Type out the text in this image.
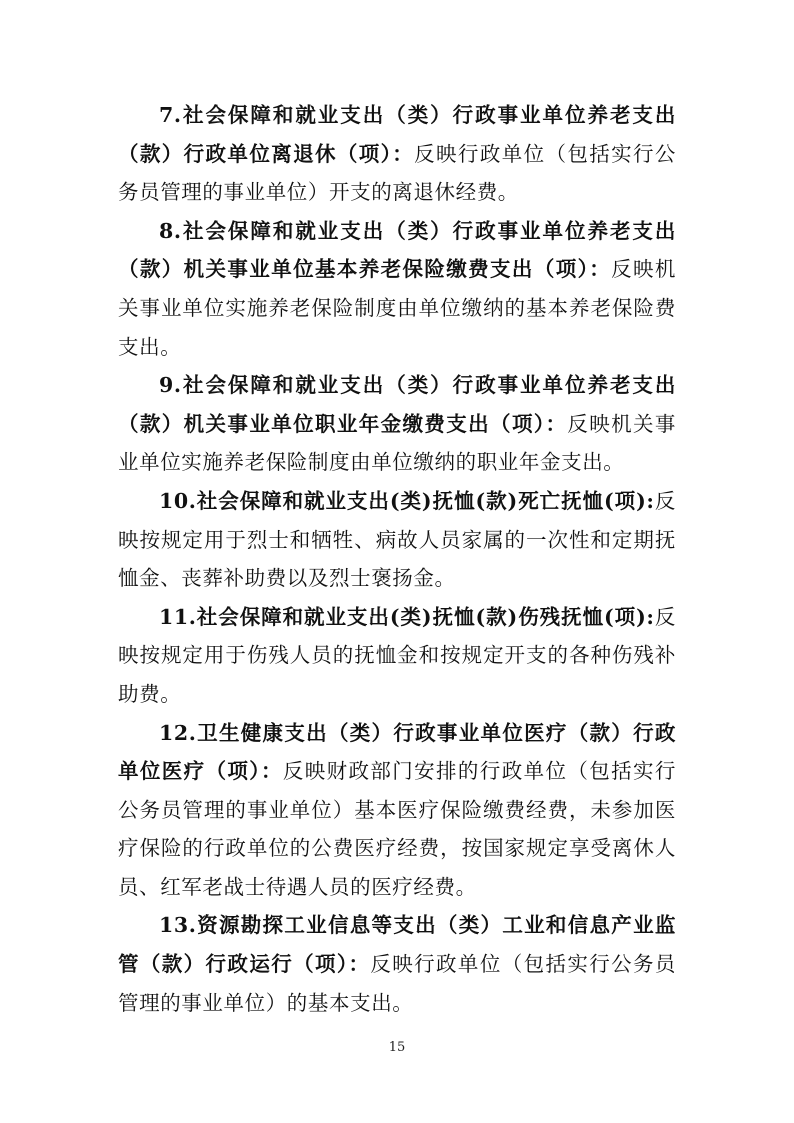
7.社会保障和就业支出（类）行政事业单位养老支出（款）行政单位离退休（项）：反映行政单位（包括实行公务员管理的事业单位）开支的离退休经费。

8.社会保障和就业支出（类）行政事业单位养老支出（款）机关事业单位基本养老保险缴费支出（项）：反映机关事业单位实施养老保险制度由单位缴纳的基本养老保险费支出。

9.社会保障和就业支出（类）行政事业单位养老支出（款）机关事业单位职业年金缴费支出（项）：反映机关事业单位实施养老保险制度由单位缴纳的职业年金支出。

10.社会保障和就业支出(类)抚恤(款)死亡抚恤(项):反映按规定用于烈士和牺牲、病故人员家属的一次性和定期抚恤金、丧葬补助费以及烈士褒扬金。

11.社会保障和就业支出(类)抚恤(款)伤残抚恤(项):反映按规定用于伤残人员的抚恤金和按规定开支的各种伤残补助费。

12.卫生健康支出（类）行政事业单位医疗（款）行政单位医疗（项）：反映财政部门安排的行政单位（包括实行公务员管理的事业单位）基本医疗保险缴费经费，未参加医疗保险的行政单位的公费医疗经费，按国家规定享受离休人员、红军老战士待遇人员的医疗经费。

13.资源勘探工业信息等支出（类）工业和信息产业监管（款）行政运行（项）：反映行政单位（包括实行公务员管理的事业单位）的基本支出。

15
